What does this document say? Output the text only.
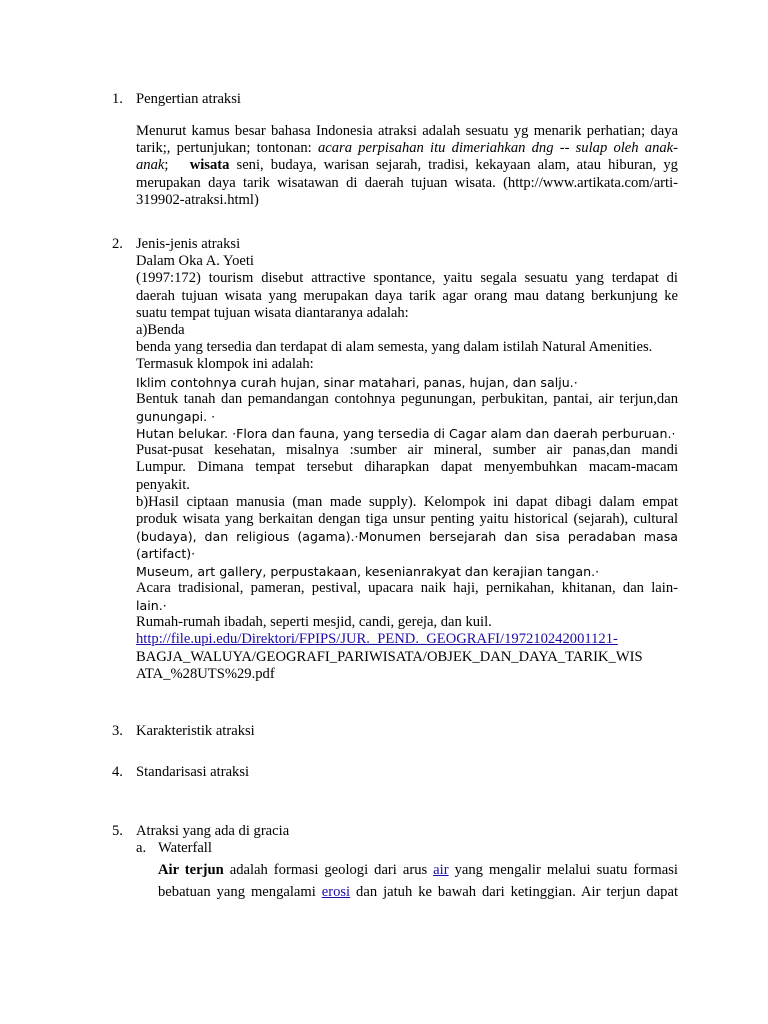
1. Pengertian atraksi
Menurut kamus besar bahasa Indonesia atraksi adalah sesuatu yg menarik perhatian; daya
tarik;, pertunjukan; tontonan: acara perpisahan itu dimeriahkan dng -- sulap oleh anak-
anak; wisata seni, budaya, warisan sejarah, tradisi, kekayaan alam, atau hiburan, yg
merupakan daya tarik wisatawan di daerah tujuan wisata. (http://www.artikata.com/arti-
319902-atraksi.html)
2. Jenis-jenis atraksi
Dalam Oka A. Yoeti
(1997:172) tourism disebut attractive spontance, yaitu segala sesuatu yang terdapat di
daerah tujuan wisata yang merupakan daya tarik agar orang mau datang berkunjung ke
suatu tempat tujuan wisata diantaranya adalah:
a)Benda
benda yang tersedia dan terdapat di alam semesta, yang dalam istilah Natural Amenities.
Termasuk klompok ini adalah:
Iklim contohnya curah hujan, sinar matahari, panas, hujan, dan salju.·
Bentuk tanah dan pemandangan contohnya pegunungan, perbukitan, pantai, air terjun,dan
gunungapi. ·
Hutan belukar. ·Flora dan fauna, yang tersedia di Cagar alam dan daerah perburuan.·
Pusat-pusat kesehatan, misalnya :sumber air mineral, sumber air panas,dan mandi
Lumpur. Dimana tempat tersebut diharapkan dapat menyembuhkan macam-macam
penyakit.
b)Hasil ciptaan manusia (man made supply). Kelompok ini dapat dibagi dalam empat
produk wisata yang berkaitan dengan tiga unsur penting yaitu historical (sejarah), cultural
(budaya), dan religious (agama).·Monumen bersejarah dan sisa peradaban masa
(artifact)·
Museum, art gallery, perpustakaan, kesenianrakyat dan kerajian tangan.·
Acara tradisional, pameran, pestival, upacara naik haji, pernikahan, khitanan, dan lain-
lain.·
Rumah-rumah ibadah, seperti mesjid, candi, gereja, dan kuil.
http://file.upi.edu/Direktori/FPIPS/JUR._PEND._GEOGRAFI/197210242001121-
BAGJA_WALUYA/GEOGRAFI_PARIWISATA/OBJEK_DAN_DAYA_TARIK_WIS
ATA_%28UTS%29.pdf
3. Karakteristik atraksi
4. Standarisasi atraksi
5. Atraksi yang ada di gracia
a. Waterfall
Air terjun adalah formasi geologi dari arus air yang mengalir melalui suatu formasi
bebatuan yang mengalami erosi dan jatuh ke bawah dari ketinggian. Air terjun dapat
